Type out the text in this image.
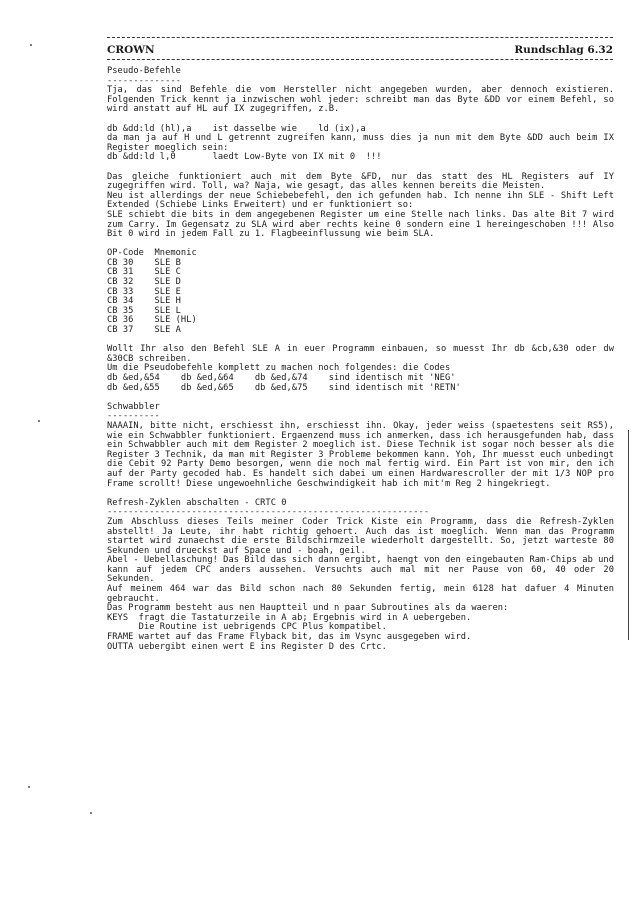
CROWN	Rundschlag 6.32
Pseudo-Befehle
--------------

Tja, das sind Befehle die vom Hersteller nicht angegeben wurden, aber dennoch existieren. Folgenden Trick kennt ja inzwischen wohl jeder: schreibt man das Byte &DD vor einem Befehl, so wird anstatt auf HL auf IX zugegriffen, z.B.

db &dd:ld (hl),a    ist dasselbe wie    ld (ix),a

da man ja auf H und L getrennt zugreifen kann, muss dies ja nun mit dem Byte &DD auch beim IX Register moeglich sein:

db &dd:ld l,0       laedt Low-Byte von IX mit 0  !!!

Das gleiche funktioniert auch mit dem Byte &FD, nur das statt des HL Registers auf IY zugegriffen wird. Toll, wa? Naja, wie gesagt, das alles kennen bereits die Meisten.

Neu ist allerdings der neue Schiebebefehl, den ich gefunden hab. Ich nenne ihn SLE - Shift Left Extended (Schiebe Links Erweitert) und er funktioniert so:

SLE schiebt die bits in dem angegebenen Register um eine Stelle nach links. Das alte Bit 7 wird zum Carry. Im Gegensatz zu SLA wird aber rechts keine 0 sondern eine 1 hereingeschoben !!! Also Bit 0 wird in jedem Fall zu 1. Flagbeeinflussung wie beim SLA.

OP-Code  Mnemonic
CB 30    SLE B
CB 31    SLE C
CB 32    SLE D
CB 33    SLE E
CB 34    SLE H
CB 35    SLE L
CB 36    SLE (HL)
CB 37    SLE A

Wollt Ihr also den Befehl SLE A in euer Programm einbauen, so muesst Ihr db &cb,&30 oder dw &30CB schreiben.

Um die Pseudobefehle komplett zu machen noch folgendes: die Codes

db &ed,&54    db &ed,&64    db &ed,&74    sind identisch mit 'NEG'
db &ed,&55    db &ed,&65    db &ed,&75    sind identisch mit 'RETN'
Schwabbler
----------

NAAAIN, bitte nicht, erschiesst ihn, erschiesst ihn. Okay, jeder weiss (spaetestens seit RS5), wie ein Schwabbler funktioniert. Ergaenzend muss ich anmerken, dass ich herausgefunden hab, dass ein Schwabbler auch mit dem Register 2 moeglich ist. Diese Technik ist sogar noch besser als die Register 3 Technik, da man mit Register 3 Probleme bekommen kann. Yoh, Ihr muesst euch unbedingt die Cebit 92 Party Demo besorgen, wenn die noch mal fertig wird. Ein Part ist von mir, den ich auf der Party gecoded hab. Es handelt sich dabei um einen Hardwarescroller der mit 1/3 NOP pro Frame scrollt! Diese ungewoehnliche Geschwindigkeit hab ich mit'm Reg 2 hingekriegt.

Refresh-Zyklen abschalten - CRTC 0
-------------------------------------------------------------

Zum Abschluss dieses Teils meiner Coder Trick Kiste ein Programm, dass die Refresh-Zyklen abstellt! Ja Leute, ihr habt richtig gehoert. Auch das ist moeglich. Wenn man das Programm startet wird zunaechst die erste Bildschirmzeile wiederholt dargestellt. So, jetzt warteste 80 Sekunden und drueckst auf Space und - boah, geil.

Abel - Uebellaschung! Das Bild das sich dann ergibt, haengt von den eingebauten Ram-Chips ab und kann auf jedem CPC anders aussehen. Versuchts auch mal mit ner Pause von 60, 40 oder 20 Sekunden.

Auf meinem 464 war das Bild schon nach 80 Sekunden fertig, mein 6128 hat dafuer 4 Minuten gebraucht.

Das Programm besteht aus nen Hauptteil und n paar Subroutines als da waeren:

KEYS  fragt die Tastaturzeile in A ab; Ergebnis wird in A uebergeben.
Die Routine ist uebrigends CPC Plus kompatibel.
FRAME wartet auf das Frame Flyback bit, das im Vsync ausgegeben wird.
OUTTA uebergibt einen wert E ins Register D des Crtc.
